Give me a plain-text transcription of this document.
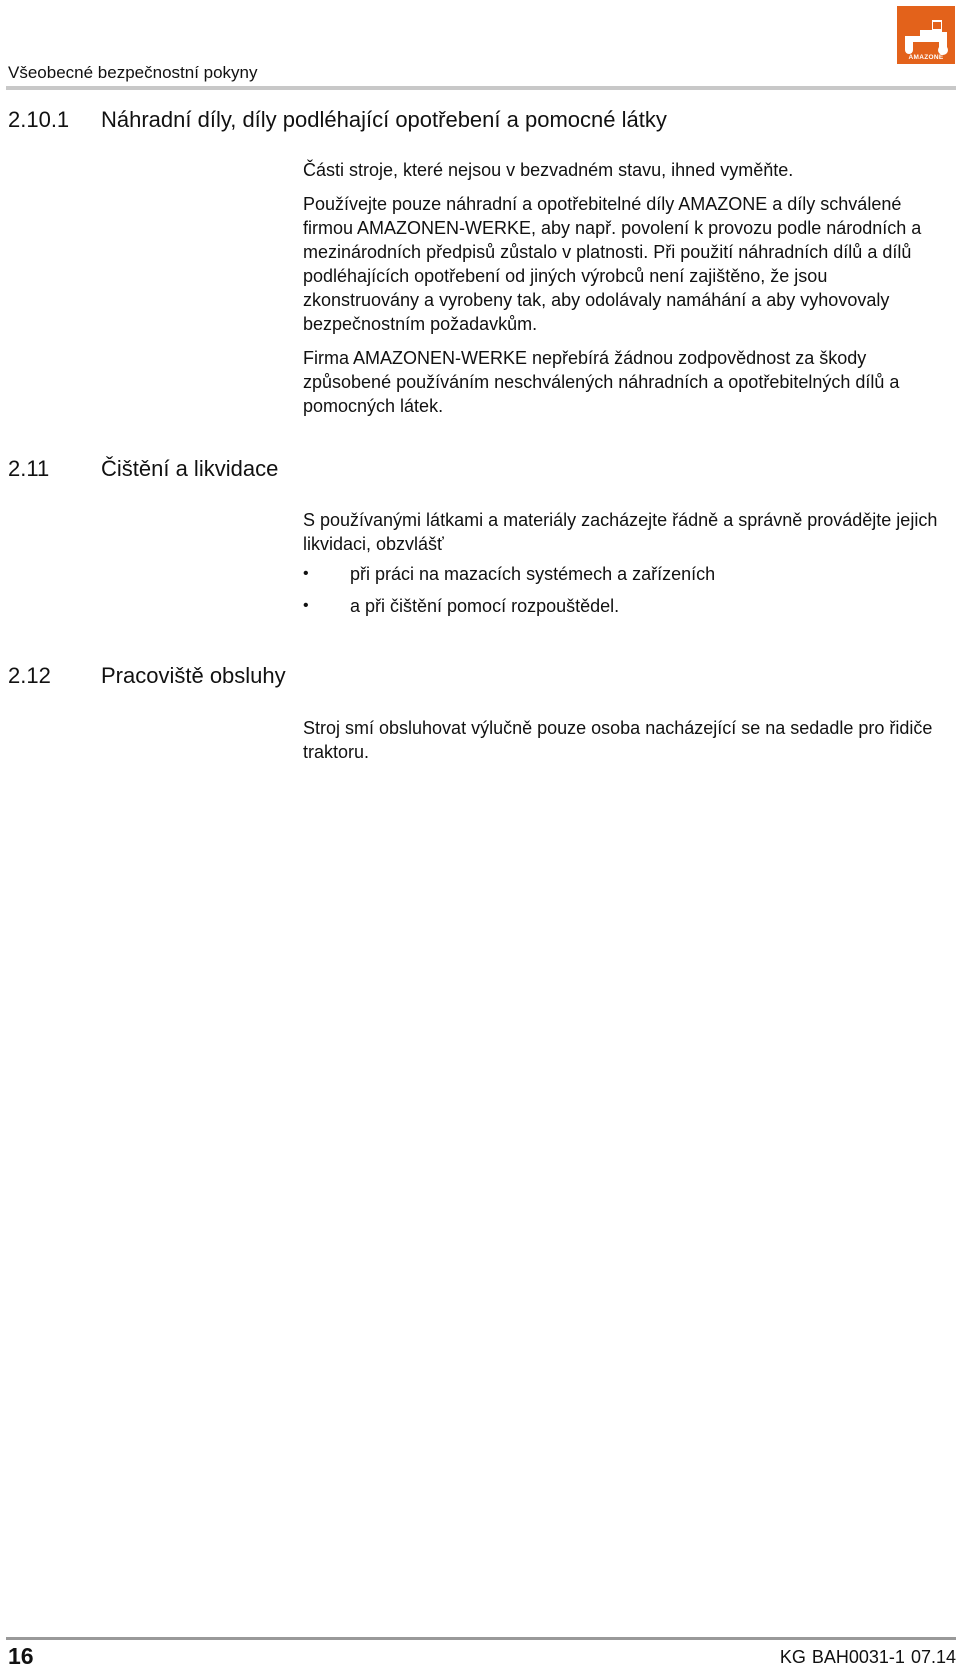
Všeobecné bezpečnostní pokyny
AMAZONE
2.10.1 Náhradní díly, díly podléhající opotřebení a pomocné látky

Části stroje, které nejsou v bezvadném stavu, ihned vyměňte.

Používejte pouze náhradní a opotřebitelné díly AMAZONE a díly schválené firmou AMAZONEN-WERKE, aby např. povolení k provozu podle národních a mezinárodních předpisů zůstalo v platnosti. Při použití náhradních dílů a dílů podléhajících opotřebení od jiných výrobců není zajištěno, že jsou zkonstruovány a vyrobeny tak, aby odolávaly namáhání a aby vyhovovaly bezpečnostním požadavkům.

Firma AMAZONEN-WERKE nepřebírá žádnou zodpovědnost za škody způsobené používáním neschválených náhradních a opotřebitelných dílů a pomocných látek.

2.11 Čištění a likvidace

S používanými látkami a materiály zacházejte řádně a správně provádějte jejich likvidaci, obzvlášť

• při práci na mazacích systémech a zařízeních
• a při čištění pomocí rozpouštědel.
2.12 Pracoviště obsluhy

Stroj smí obsluhovat výlučně pouze osoba nacházející se na sedadle pro řidiče traktoru.

16	KG BAH0031-1 07.14
